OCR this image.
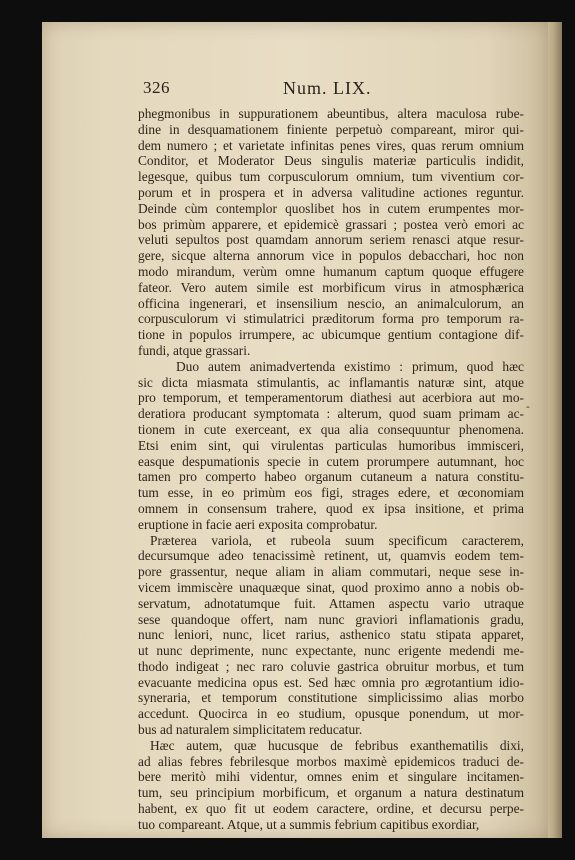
326	Num. LIX.
-
phegmonibus in suppurationem abeuntibus, altera maculosa rube-
dine in desquamationem finiente perpetuò compareant, miror qui-
dem numero ; et varietate infinitas penes vires, quas rerum omnium
Conditor, et Moderator Deus singulis materiæ particulis indidit,
legesque, quibus tum corpusculorum omnium, tum viventium cor-
porum et in prospera et in adversa valitudine actiones reguntur.
Deinde cùm contemplor quoslibet hos in cutem erumpentes mor-
bos primùm apparere, et epidemicè grassari ; postea verò emori ac
veluti sepultos post quamdam annorum seriem renasci atque resur-
gere, sicque alterna annorum vice in populos debacchari, hoc non
modo mirandum, verùm omne humanum captum quoque effugere
fateor. Vero autem simile est morbificum virus in atmosphærica
officina ingenerari, et insensilium nescio, an animalculorum, an
corpusculorum vi stimulatrici præditorum forma pro temporum ra-
tione in populos irrumpere, ac ubicumque gentium contagione dif-
fundi, atque grassari.
Duo autem animadvertenda existimo : primum, quod hæc
sic dicta miasmata stimulantis, ac inflamantis naturæ sint, atque
pro temporum, et temperamentorum diathesi aut acerbiora aut mo-
deratiora producant symptomata : alterum, quod suam primam ac-
tionem in cute exerceant, ex qua alia consequuntur phenomena.
Etsi enim sint, qui virulentas particulas humoribus immisceri,
easque despumationis specie in cutem prorumpere autumnant, hoc
tamen pro comperto habeo organum cutaneum a natura constitu-
tum esse, in eo primùm eos figi, strages edere, et œconomiam
omnem in consensum trahere, quod ex ipsa insitione, et prima
eruptione in facie aeri exposita comprobatur.
Præterea variola, et rubeola suum specificum caracterem,
decursumque adeo tenacissimè retinent, ut, quamvis eodem tem-
pore grassentur, neque aliam in aliam commutari, neque sese in-
vicem immiscère unaquæque sinat, quod proximo anno a nobis ob-
servatum, adnotatumque fuit. Attamen aspectu vario utraque
sese quandoque offert, nam nunc graviori inflamationis gradu,
nunc leniori, nunc, licet rarius, asthenico statu stipata apparet,
ut nunc deprimente, nunc expectante, nunc erigente medendi me-
thodo indigeat ; nec raro coluvie gastrica obruitur morbus, et tum
evacuante medicina opus est. Sed hæc omnia pro ægrotantium idio-
syneraria, et temporum constitutione simplicissimo alias morbo
accedunt. Quocirca in eo studium, opusque ponendum, ut mor-
bus ad naturalem simplicitatem reducatur.
Hæc autem, quæ hucusque de febribus exanthematilis dixi,
ad alias febres febrilesque morbos maximè epidemicos traduci de-
bere meritò mihi videntur, omnes enim et singulare incitamen-
tum, seu principium morbificum, et organum a natura destinatum
habent, ex quo fit ut eodem caractere, ordine, et decursu perpe-
tuo compareant. Atque, ut a summis febrium capitibus exordiar,
